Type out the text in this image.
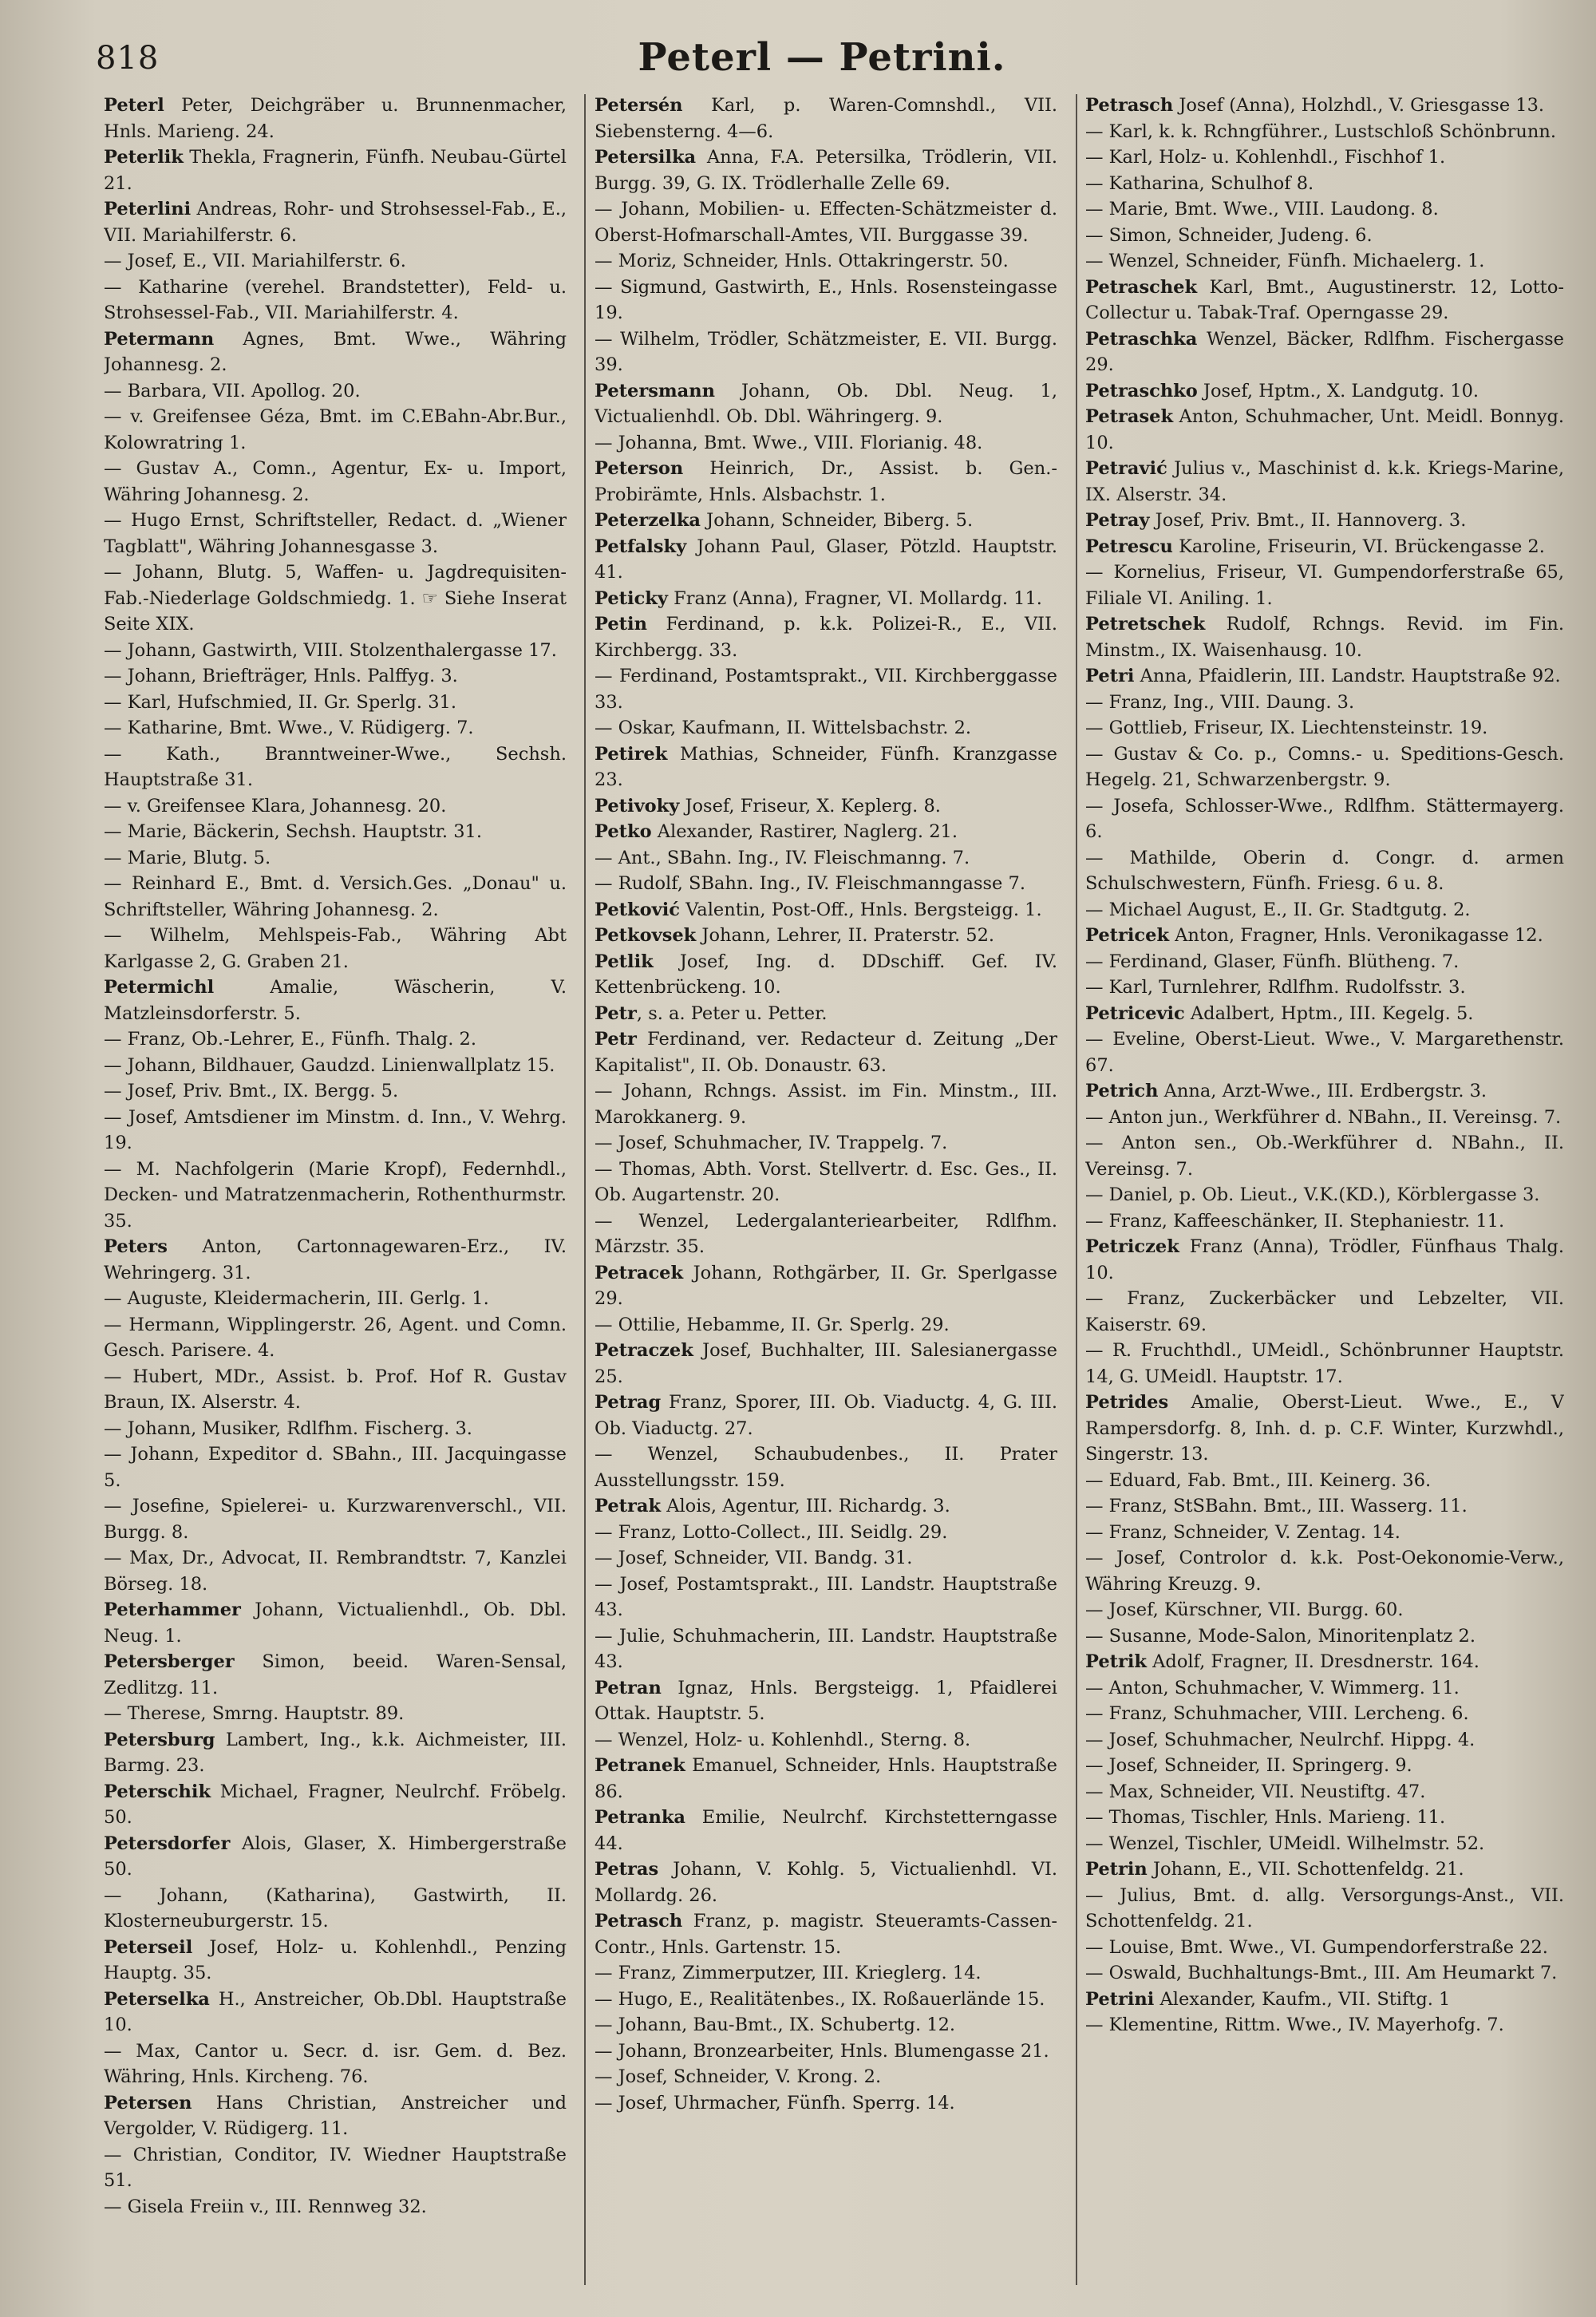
818	Peterl — Petrini.

Peterl Peter, Deichgräber u. Brunnenmacher, Hnls. Marieng. 24.

Peterlik Thekla, Fragnerin, Fünfh. Neubau-Gürtel 21.

Peterlini Andreas, Rohr- und Strohsessel-Fab., E., VII. Mariahilferstr. 6.

— Josef, E., VII. Mariahilferstr. 6.

— Katharine (verehel. Brandstetter), Feld- u. Strohsessel-Fab., VII. Mariahilferstr. 4.

Petermann Agnes, Bmt. Wwe., Währing Johannesg. 2.

— Barbara, VII. Apollog. 20.

— v. Greifensee Géza, Bmt. im C.EBahn-Abr.Bur., Kolowratring 1.

— Gustav A., Comn., Agentur, Ex- u. Import, Währing Johannesg. 2.

— Hugo Ernst, Schriftsteller, Redact. d. „Wiener Tagblatt", Währing Johannesgasse 3.

— Johann, Blutg. 5, Waffen- u. Jagdrequisiten-Fab.-Niederlage Goldschmiedg. 1. ☞ Siehe Inserat Seite XIX.

— Johann, Gastwirth, VIII. Stolzenthalergasse 17.

— Johann, Briefträger, Hnls. Palffyg. 3.

— Karl, Hufschmied, II. Gr. Sperlg. 31.

— Katharine, Bmt. Wwe., V. Rüdigerg. 7.

— Kath., Branntweiner-Wwe., Sechsh. Hauptstraße 31.

— v. Greifensee Klara, Johannesg. 20.

— Marie, Bäckerin, Sechsh. Hauptstr. 31.

— Marie, Blutg. 5.

— Reinhard E., Bmt. d. Versich.Ges. „Donau" u. Schriftsteller, Währing Johannesg. 2.

— Wilhelm, Mehlspeis-Fab., Währing Abt Karlgasse 2, G. Graben 21.

Petermichl Amalie, Wäscherin, V. Matzleinsdorferstr. 5.

— Franz, Ob.-Lehrer, E., Fünfh. Thalg. 2.

— Johann, Bildhauer, Gaudzd. Linienwallplatz 15.

— Josef, Priv. Bmt., IX. Bergg. 5.

— Josef, Amtsdiener im Minstm. d. Inn., V. Wehrg. 19.

— M. Nachfolgerin (Marie Kropf), Federnhdl., Decken- und Matratzenmacherin, Rothenthurmstr. 35.

Peters Anton, Cartonnagewaren-Erz., IV. Wehringerg. 31.

— Auguste, Kleidermacherin, III. Gerlg. 1.

— Hermann, Wipplingerstr. 26, Agent. und Comn. Gesch. Parisere. 4.

— Hubert, MDr., Assist. b. Prof. Hof R. Gustav Braun, IX. Alserstr. 4.

— Johann, Musiker, Rdlfhm. Fischerg. 3.

— Johann, Expeditor d. SBahn., III. Jacquingasse 5.

— Josefine, Spielerei- u. Kurzwarenverschl., VII. Burgg. 8.

— Max, Dr., Advocat, II. Rembrandtstr. 7, Kanzlei Börseg. 18.

Peterhammer Johann, Victualienhdl., Ob. Dbl. Neug. 1.

Petersberger Simon, beeid. Waren-Sensal, Zedlitzg. 11.

— Therese, Smrng. Hauptstr. 89.

Petersburg Lambert, Ing., k.k. Aichmeister, III. Barmg. 23.

Peterschik Michael, Fragner, Neulrchf. Fröbelg. 50.

Petersdorfer Alois, Glaser, X. Himbergerstraße 50.

— Johann, (Katharina), Gastwirth, II. Klosterneuburgerstr. 15.

Peterseil Josef, Holz- u. Kohlenhdl., Penzing Hauptg. 35.

Peterselka H., Anstreicher, Ob.Dbl. Hauptstraße 10.

— Max, Cantor u. Secr. d. isr. Gem. d. Bez. Währing, Hnls. Kircheng. 76.

Petersen Hans Christian, Anstreicher und Vergolder, V. Rüdigerg. 11.

— Christian, Conditor, IV. Wiedner Hauptstraße 51.

— Gisela Freiin v., III. Rennweg 32.

Petersén Karl, p. Waren-Comnshdl., VII. Siebensterng. 4—6.

Petersilka Anna, F.A. Petersilka, Trödlerin, VII. Burgg. 39, G. IX. Trödlerhalle Zelle 69.

— Johann, Mobilien- u. Effecten-Schätzmeister d. Oberst-Hofmarschall-Amtes, VII. Burggasse 39.

— Moriz, Schneider, Hnls. Ottakringerstr. 50.

— Sigmund, Gastwirth, E., Hnls. Rosensteingasse 19.

— Wilhelm, Trödler, Schätzmeister, E. VII. Burgg. 39.

Petersmann Johann, Ob. Dbl. Neug. 1, Victualienhdl. Ob. Dbl. Währingerg. 9.

— Johanna, Bmt. Wwe., VIII. Florianig. 48.

Peterson Heinrich, Dr., Assist. b. Gen.-Probirämte, Hnls. Alsbachstr. 1.

Peterzelka Johann, Schneider, Biberg. 5.

Petfalsky Johann Paul, Glaser, Pötzld. Hauptstr. 41.

Peticky Franz (Anna), Fragner, VI. Mollardg. 11.

Petin Ferdinand, p. k.k. Polizei-R., E., VII. Kirchbergg. 33.

— Ferdinand, Postamtsprakt., VII. Kirchberggasse 33.

— Oskar, Kaufmann, II. Wittelsbachstr. 2.

Petirek Mathias, Schneider, Fünfh. Kranzgasse 23.

Petivoky Josef, Friseur, X. Keplerg. 8.

Petko Alexander, Rastirer, Naglerg. 21.

— Ant., SBahn. Ing., IV. Fleischmanng. 7.

— Rudolf, SBahn. Ing., IV. Fleischmanngasse 7.

Petković Valentin, Post-Off., Hnls. Bergsteigg. 1.

Petkovsek Johann, Lehrer, II. Praterstr. 52.

Petlik Josef, Ing. d. DDschiff. Gef. IV. Kettenbrückeng. 10.

Petr, s. a. Peter u. Petter.

Petr Ferdinand, ver. Redacteur d. Zeitung „Der Kapitalist", II. Ob. Donaustr. 63.

— Johann, Rchngs. Assist. im Fin. Minstm., III. Marokkanerg. 9.

— Josef, Schuhmacher, IV. Trappelg. 7.

— Thomas, Abth. Vorst. Stellvertr. d. Esc. Ges., II. Ob. Augartenstr. 20.

— Wenzel, Ledergalanteriearbeiter, Rdlfhm. Märzstr. 35.

Petracek Johann, Rothgärber, II. Gr. Sperlgasse 29.

— Ottilie, Hebamme, II. Gr. Sperlg. 29.

Petraczek Josef, Buchhalter, III. Salesianergasse 25.

Petrag Franz, Sporer, III. Ob. Viaductg. 4, G. III. Ob. Viaductg. 27.

— Wenzel, Schaubudenbes., II. Prater Ausstellungsstr. 159.

Petrak Alois, Agentur, III. Richardg. 3.

— Franz, Lotto-Collect., III. Seidlg. 29.

— Josef, Schneider, VII. Bandg. 31.

— Josef, Postamtsprakt., III. Landstr. Hauptstraße 43.

— Julie, Schuhmacherin, III. Landstr. Hauptstraße 43.

Petran Ignaz, Hnls. Bergsteigg. 1, Pfaidlerei Ottak. Hauptstr. 5.

— Wenzel, Holz- u. Kohlenhdl., Sterng. 8.

Petranek Emanuel, Schneider, Hnls. Hauptstraße 86.

Petranka Emilie, Neulrchf. Kirchstetterngasse 44.

Petras Johann, V. Kohlg. 5, Victualienhdl. VI. Mollardg. 26.

Petrasch Franz, p. magistr. Steueramts-Cassen-Contr., Hnls. Gartenstr. 15.

— Franz, Zimmerputzer, III. Krieglerg. 14.

— Hugo, E., Realitätenbes., IX. Roßauerlände 15.

— Johann, Bau-Bmt., IX. Schubertg. 12.

— Johann, Bronzearbeiter, Hnls. Blumengasse 21.

— Josef, Schneider, V. Krong. 2.

— Josef, Uhrmacher, Fünfh. Sperrg. 14.

Petrasch Josef (Anna), Holzhdl., V. Griesgasse 13.

— Karl, k. k. Rchngführer., Lustschloß Schönbrunn.

— Karl, Holz- u. Kohlenhdl., Fischhof 1.

— Katharina, Schulhof 8.

— Marie, Bmt. Wwe., VIII. Laudong. 8.

— Simon, Schneider, Judeng. 6.

— Wenzel, Schneider, Fünfh. Michaelerg. 1.

Petraschek Karl, Bmt., Augustinerstr. 12, Lotto-Collectur u. Tabak-Traf. Operngasse 29.

Petraschka Wenzel, Bäcker, Rdlfhm. Fischergasse 29.

Petraschko Josef, Hptm., X. Landgutg. 10.

Petrasek Anton, Schuhmacher, Unt. Meidl. Bonnyg. 10.

Petravić Julius v., Maschinist d. k.k. Kriegs-Marine, IX. Alserstr. 34.

Petray Josef, Priv. Bmt., II. Hannoverg. 3.

Petrescu Karoline, Friseurin, VI. Brückengasse 2.

— Kornelius, Friseur, VI. Gumpendorferstraße 65, Filiale VI. Aniling. 1.

Petretschek Rudolf, Rchngs. Revid. im Fin. Minstm., IX. Waisenhausg. 10.

Petri Anna, Pfaidlerin, III. Landstr. Hauptstraße 92.

— Franz, Ing., VIII. Daung. 3.

— Gottlieb, Friseur, IX. Liechtensteinstr. 19.

— Gustav & Co. p., Comns.- u. Speditions-Gesch. Hegelg. 21, Schwarzenbergstr. 9.

— Josefa, Schlosser-Wwe., Rdlfhm. Stättermayerg. 6.

— Mathilde, Oberin d. Congr. d. armen Schulschwestern, Fünfh. Friesg. 6 u. 8.

— Michael August, E., II. Gr. Stadtgutg. 2.

Petricek Anton, Fragner, Hnls. Veronikagasse 12.

— Ferdinand, Glaser, Fünfh. Blütheng. 7.

— Karl, Turnlehrer, Rdlfhm. Rudolfsstr. 3.

Petricevic Adalbert, Hptm., III. Kegelg. 5.

— Eveline, Oberst-Lieut. Wwe., V. Margarethenstr. 67.

Petrich Anna, Arzt-Wwe., III. Erdbergstr. 3.

— Anton jun., Werkführer d. NBahn., II. Vereinsg. 7.

— Anton sen., Ob.-Werkführer d. NBahn., II. Vereinsg. 7.

— Daniel, p. Ob. Lieut., V.K.(KD.), Körblergasse 3.

— Franz, Kaffeeschänker, II. Stephaniestr. 11.

Petriczek Franz (Anna), Trödler, Fünfhaus Thalg. 10.

— Franz, Zuckerbäcker und Lebzelter, VII. Kaiserstr. 69.

— R. Fruchthdl., UMeidl., Schönbrunner Hauptstr. 14, G. UMeidl. Hauptstr. 17.

Petrides Amalie, Oberst-Lieut. Wwe., E., V Rampersdorfg. 8, Inh. d. p. C.F. Winter, Kurzwhdl., Singerstr. 13.

— Eduard, Fab. Bmt., III. Keinerg. 36.

— Franz, StSBahn. Bmt., III. Wasserg. 11.

— Franz, Schneider, V. Zentag. 14.

— Josef, Controlor d. k.k. Post-Oekonomie-Verw., Währing Kreuzg. 9.

— Josef, Kürschner, VII. Burgg. 60.

— Susanne, Mode-Salon, Minoritenplatz 2.

Petrik Adolf, Fragner, II. Dresdnerstr. 164.

— Anton, Schuhmacher, V. Wimmerg. 11.

— Franz, Schuhmacher, VIII. Lercheng. 6.

— Josef, Schuhmacher, Neulrchf. Hippg. 4.

— Josef, Schneider, II. Springerg. 9.

— Max, Schneider, VII. Neustiftg. 47.

— Thomas, Tischler, Hnls. Marieng. 11.

— Wenzel, Tischler, UMeidl. Wilhelmstr. 52.

Petrin Johann, E., VII. Schottenfeldg. 21.

— Julius, Bmt. d. allg. Versorgungs-Anst., VII. Schottenfeldg. 21.

— Louise, Bmt. Wwe., VI. Gumpendorferstraße 22.

— Oswald, Buchhaltungs-Bmt., III. Am Heumarkt 7.

Petrini Alexander, Kaufm., VII. Stiftg. 1

— Klementine, Rittm. Wwe., IV. Mayerhofg. 7.
